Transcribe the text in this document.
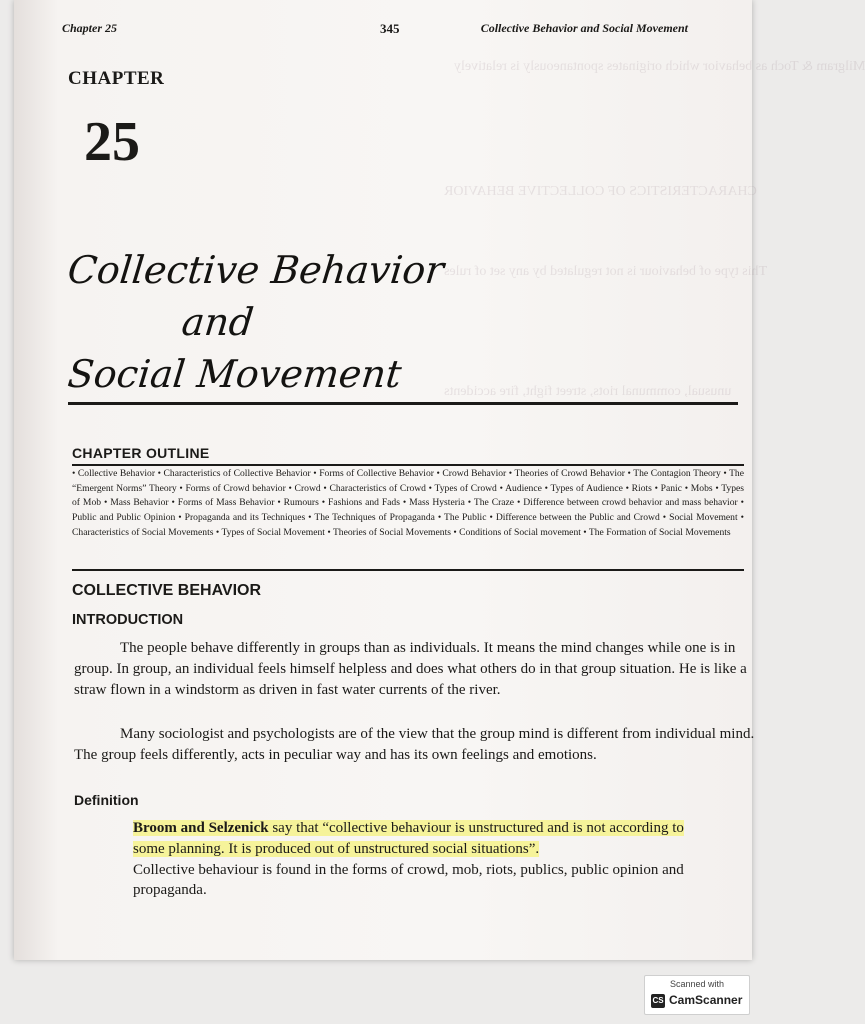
Milgram & Toch as behavior which originates spontaneously is relatively
CHARACTERISTICS OF COLLECTIVE BEHAVIOR
This type of behaviour is not regulated by any set of rules
unusual, communal riots, street fight, fire accidents
Chapter 25	345	Collective Behavior and Social Movement
CHAPTER
25
Collective Behavior
and
Social Movement
CHAPTER OUTLINE
• Collective Behavior • Characteristics of Collective Behavior • Forms of Collective Behavior • Crowd Behavior • Theories of Crowd Behavior • The Contagion Theory • The “Emergent Norms” Theory • Forms of Crowd behavior • Crowd • Characteristics of Crowd • Types of Crowd • Audience • Types of Audience • Riots • Panic • Mobs • Types of Mob • Mass Behavior • Forms of Mass Behavior • Rumours • Fashions and Fads • Mass Hysteria • The Craze • Difference between crowd behavior and mass behavior • Public and Public Opinion • Propaganda and its Techniques • The Techniques of Propaganda • The Public • Difference between the Public and Crowd • Social Movement • Characteristics of Social Movements • Types of Social Movement • Theories of Social Movements • Conditions of Social movement • The Formation of Social Movements
COLLECTIVE BEHAVIOR
INTRODUCTION
The people behave differently in groups than as individuals. It means the mind changes while one is in group. In group, an individual feels himself helpless and does what others do in that group situation. He is like a straw flown in a windstorm as driven in fast water currents of the river.
Many sociologist and psychologists are of the view that the group mind is different from individual mind. The group feels differently, acts in peculiar way and has its own feelings and emotions.
Definition
Broom and Selzenick say that “collective behaviour is unstructured and is not according to some planning. It is produced out of unstructured social situations”.
Collective behaviour is found in the forms of crowd, mob, riots, publics, public opinion and propaganda.
Scanned with
CS CamScanner
